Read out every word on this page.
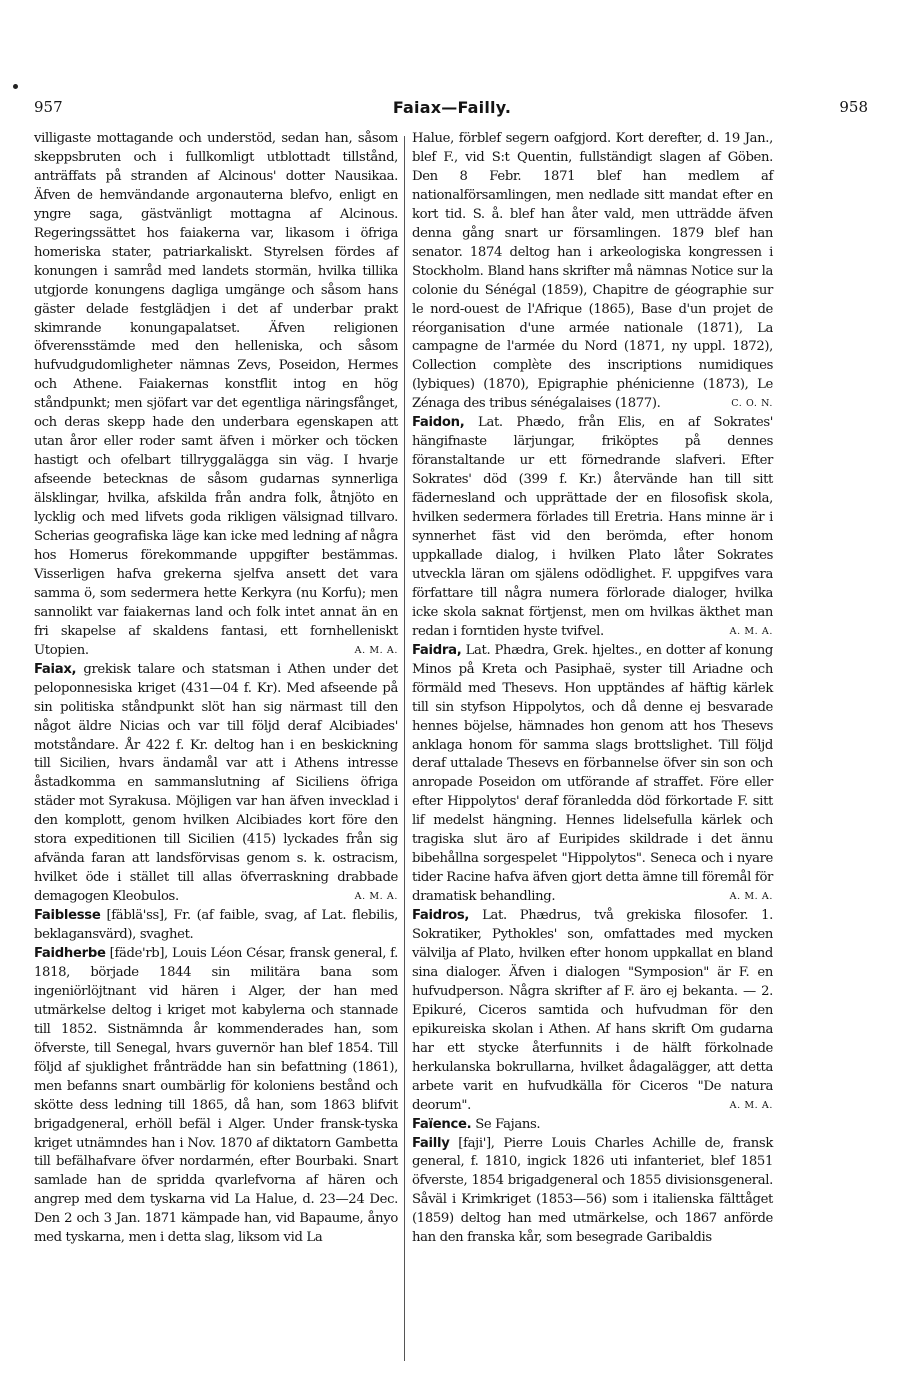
957	Faiax—Failly.	958

villigaste mottagande och understöd, sedan han, såsom skeppsbruten och i fullkomligt utblottadt tillstånd, anträffats på stranden af Alcinous' dotter Nausikaa. Äfven de hemvändande argonauterna blefvo, enligt en yngre saga, gästvänligt mottagna af Alcinous. Regeringssättet hos faiakerna var, likasom i öfriga homeriska stater, patriarkaliskt. Styrelsen fördes af konungen i samråd med landets stormän, hvilka tillika utgjorde konungens dagliga umgänge och såsom hans gäster delade festglädjen i det af underbar prakt skimrande konungapalatset. Äfven religionen öfverensstämde med den helleniska, och såsom hufvudgudomligheter nämnas Zevs, Poseidon, Hermes och Athene. Faiakernas konstflit intog en hög ståndpunkt; men sjöfart var det egentliga näringsfånget, och deras skepp hade den underbara egenskapen att utan åror eller roder samt äfven i mörker och töcken hastigt och ofelbart tillryggalägga sin väg. I hvarje afseende betecknas de såsom gudarnas synnerliga älsklingar, hvilka, afskilda från andra folk, åtnjöto en lycklig och med lifvets goda rikligen välsignad tillvaro. Scherias geografiska läge kan icke med ledning af några hos Homerus förekommande uppgifter bestämmas. Visserligen hafva grekerna sjelfva ansett det vara samma ö, som sedermera hette Kerkyra (nu Korfu); men sannolikt var faiakernas land och folk intet annat än en fri skapelse af skaldens fantasi, ett fornhelleniskt Utopien.	A. M. A.

Faiax, grekisk talare och statsman i Athen under det peloponnesiska kriget (431—04 f. Kr). Med afseende på sin politiska ståndpunkt slöt han sig närmast till den något äldre Nicias och var till följd deraf Alcibiades' motståndare. År 422 f. Kr. deltog han i en beskickning till Sicilien, hvars ändamål var att i Athens intresse åstadkomma en sammanslutning af Siciliens öfriga städer mot Syrakusa. Möjligen var han äfven invecklad i den komplott, genom hvilken Alcibiades kort före den stora expeditionen till Sicilien (415) lyckades från sig afvända faran att landsförvisas genom s. k. ostracism, hvilket öde i stället till allas öfverraskning drabbade demagogen Kleobulos.	A. M. A.

Faiblesse [fäblä'ss], Fr. (af faible, svag, af Lat. flebilis, beklagansvärd), svaghet.

Faidherbe [fäde'rb], Louis Léon César, fransk general, f. 1818, började 1844 sin militära bana som ingeniörlöjtnant vid hären i Alger, der han med utmärkelse deltog i kriget mot kabylerna och stannade till 1852. Sistnämnda år kommenderades han, som öfverste, till Senegal, hvars guvernör han blef 1854. Till följd af sjuklighet frånträdde han sin befattning (1861), men befanns snart oumbärlig för koloniens bestånd och skötte dess ledning till 1865, då han, som 1863 blifvit brigadgeneral, erhöll befäl i Alger. Under fransk-tyska kriget utnämndes han i Nov. 1870 af diktatorn Gambetta till befälhafvare öfver nordarmén, efter Bourbaki. Snart samlade han de spridda qvarlefvorna af hären och angrep med dem tyskarna vid La Halue, d. 23—24 Dec. Den 2 och 3 Jan. 1871 kämpade han, vid Bapaume, ånyo med tyskarna, men i detta slag, liksom vid La

Halue, förblef segern oafgjord. Kort derefter, d. 19 Jan., blef F., vid S:t Quentin, fullständigt slagen af Göben. Den 8 Febr. 1871 blef han medlem af nationalförsamlingen, men nedlade sitt mandat efter en kort tid. S. å. blef han åter vald, men utträdde äfven denna gång snart ur församlingen. 1879 blef han senator. 1874 deltog han i arkeologiska kongressen i Stockholm. Bland hans skrifter må nämnas Notice sur la colonie du Sénégal (1859), Chapitre de géographie sur le nord-ouest de l'Afrique (1865), Base d'un projet de réorganisation d'une armée nationale (1871), La campagne de l'armée du Nord (1871, ny uppl. 1872), Collection complète des inscriptions numidiques (lybiques) (1870), Epigraphie phénicienne (1873), Le Zénaga des tribus sénégalaises (1877).	C. O. N.

Faidon, Lat. Phædo, från Elis, en af Sokrates' hängifnaste lärjungar, friköptes på dennes föranstaltande ur ett förnedrande slafveri. Efter Sokrates' död (399 f. Kr.) återvände han till sitt fädernesland och upprättade der en filosofisk skola, hvilken sedermera förlades till Eretria. Hans minne är i synnerhet fäst vid den berömda, efter honom uppkallade dialog, i hvilken Plato låter Sokrates utveckla läran om själens odödlighet. F. uppgifves vara författare till några numera förlorade dialoger, hvilka icke skola saknat förtjenst, men om hvilkas äkthet man redan i forntiden hyste tvifvel.	A. M. A.

Faidra, Lat. Phædra, Grek. hjeltes., en dotter af konung Minos på Kreta och Pasiphaë, syster till Ariadne och förmäld med Thesevs. Hon upptändes af häftig kärlek till sin styfson Hippolytos, och då denne ej besvarade hennes böjelse, hämnades hon genom att hos Thesevs anklaga honom för samma slags brottslighet. Till följd deraf uttalade Thesevs en förbannelse öfver sin son och anropade Poseidon om utförande af straffet. Före eller efter Hippolytos' deraf föranledda död förkortade F. sitt lif medelst hängning. Hennes lidelsefulla kärlek och tragiska slut äro af Euripides skildrade i det ännu bibehållna sorgespelet "Hippolytos". Seneca och i nyare tider Racine hafva äfven gjort detta ämne till föremål för dramatisk behandling.	A. M. A.

Faidros, Lat. Phædrus, två grekiska filosofer. 1. Sokratiker, Pythokles' son, omfattades med mycken välvilja af Plato, hvilken efter honom uppkallat en bland sina dialoger. Äfven i dialogen "Symposion" är F. en hufvudperson. Några skrifter af F. äro ej bekanta. — 2. Epikuré, Ciceros samtida och hufvudman för den epikureiska skolan i Athen. Af hans skrift Om gudarna har ett stycke återfunnits i de hälft förkolnade herkulanska bokrullarna, hvilket ådagalägger, att detta arbete varit en hufvudkälla för Ciceros "De natura deorum".	A. M. A.

Faïence. Se Fajans.

Failly [faji'], Pierre Louis Charles Achille de, fransk general, f. 1810, ingick 1826 uti infanteriet, blef 1851 öfverste, 1854 brigadgeneral och 1855 divisionsgeneral. Såväl i Krimkriget (1853—56) som i italienska fälttåget (1859) deltog han med utmärkelse, och 1867 anförde han den franska kår, som besegrade Garibaldis
